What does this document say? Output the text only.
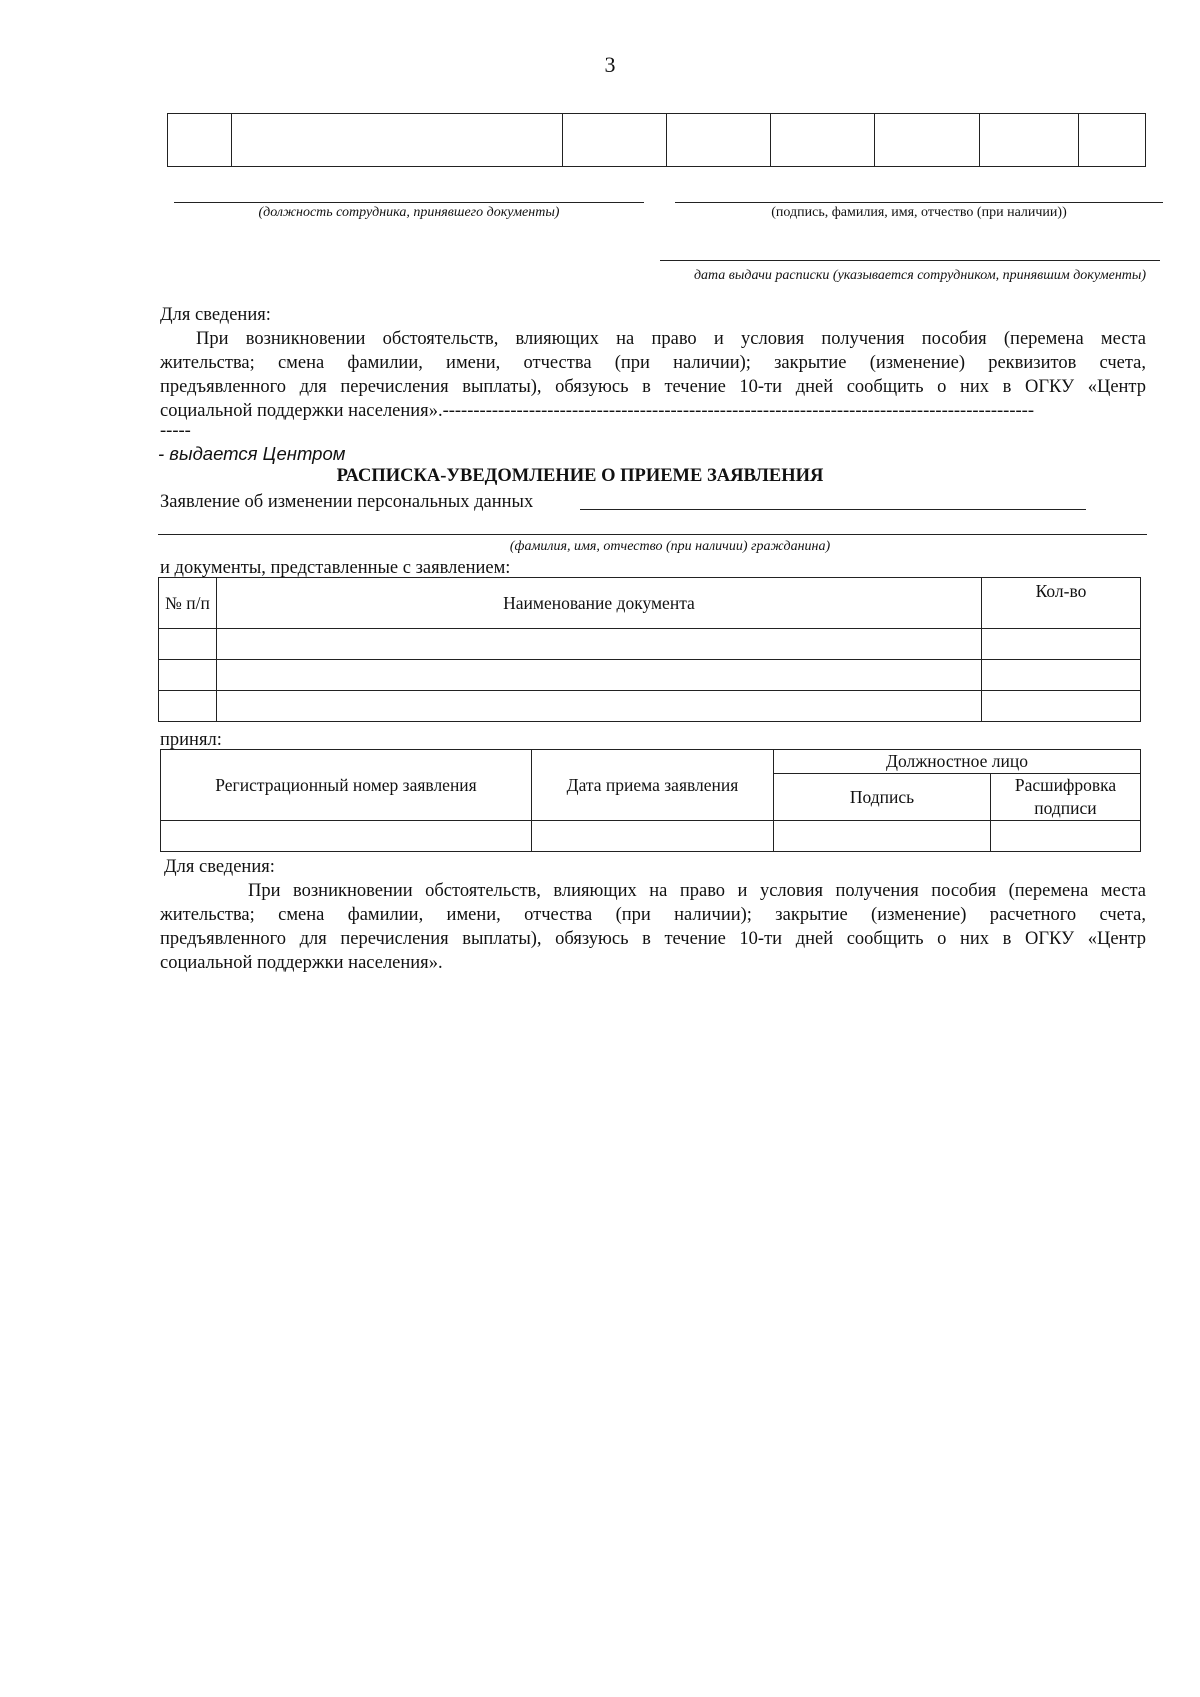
3

(должность сотрудника, принявшего документы)	(подпись, фамилия, имя, отчество (при наличии))
дата выдачи расписки (указывается сотрудником, принявшим документы)
Для сведения:
При возникновении обстоятельств, влияющих на право и условия получения пособия (перемена места
жительства; смена фамилии, имени, отчества (при наличии); закрытие (изменение) реквизитов счета,
предъявленного для перечисления выплаты), обязуюсь в течение 10-ти дней сообщить о них в ОГКУ «Центр
социальной поддержки населения».------------------------------------------------------------------------------------------------
-----
- выдается Центром
РАСПИСКА-УВЕДОМЛЕНИЕ О ПРИЕМЕ ЗАЯВЛЕНИЯ
Заявление об изменении персональных данных
(фамилия, имя, отчество (при наличии) гражданина)
и документы, представленные с заявлением:
№ п/п	Наименование документа	Кол-во

принял:
Регистрационный номер заявления	Дата приема заявления	Должностное лицо	
		Подпись	Расшифровка подписи

Для сведения:
При возникновении обстоятельств, влияющих на право и условия получения пособия (перемена места
жительства; смена фамилии, имени, отчества (при наличии); закрытие (изменение) расчетного счета,
предъявленного для перечисления выплаты), обязуюсь в течение 10-ти дней сообщить о них в ОГКУ «Центр
социальной поддержки населения».
